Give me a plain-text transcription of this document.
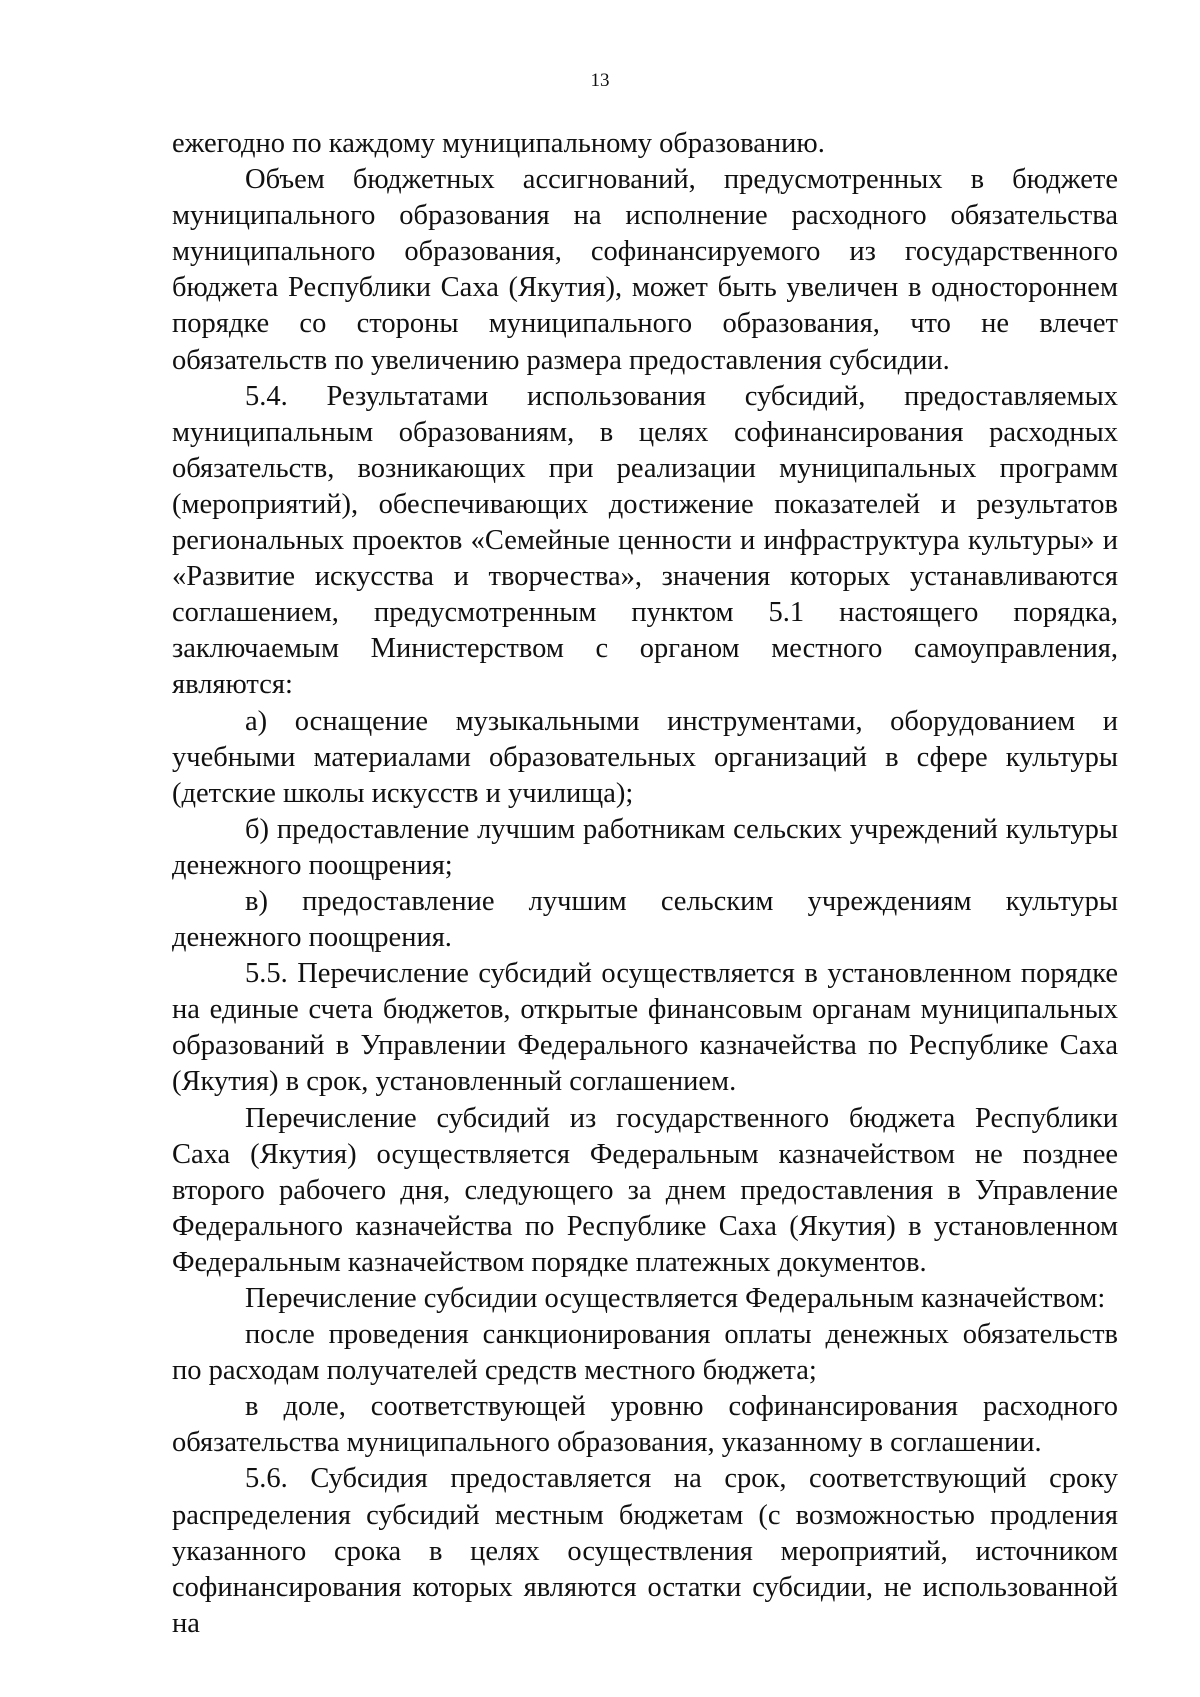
13

ежегодно по каждому муниципальному образованию.

Объем бюджетных ассигнований, предусмотренных в бюджете муниципального образования на исполнение расходного обязательства муниципального образования, софинансируемого из государственного бюджета Республики Саха (Якутия), может быть увеличен в одностороннем порядке со стороны муниципального образования, что не влечет обязательств по увеличению размера предоставления субсидии.

5.4. Результатами использования субсидий, предоставляемых муниципальным образованиям, в целях софинансирования расходных обязательств, возникающих при реализации муниципальных программ (мероприятий), обеспечивающих достижение показателей и результатов региональных проектов «Семейные ценности и инфраструктура культуры» и «Развитие искусства и творчества», значения которых устанавливаются соглашением, предусмотренным пунктом 5.1 настоящего порядка, заключаемым Министерством с органом местного самоуправления, являются:

а) оснащение музыкальными инструментами, оборудованием и учебными материалами образовательных организаций в сфере культуры (детские школы искусств и училища);

б) предоставление лучшим работникам сельских учреждений культуры денежного поощрения;

в) предоставление лучшим сельским учреждениям культуры денежного поощрения.

5.5. Перечисление субсидий осуществляется в установленном порядке на единые счета бюджетов, открытые финансовым органам муниципальных образований в Управлении Федерального казначейства по Республике Саха (Якутия) в срок, установленный соглашением.

Перечисление субсидий из государственного бюджета Республики Саха (Якутия) осуществляется Федеральным казначейством не позднее второго рабочего дня, следующего за днем предоставления в Управление Федерального казначейства по Республике Саха (Якутия) в установленном Федеральным казначейством порядке платежных документов.

Перечисление субсидии осуществляется Федеральным казначейством:

после проведения санкционирования оплаты денежных обязательств по расходам получателей средств местного бюджета;

в доле, соответствующей уровню софинансирования расходного обязательства муниципального образования, указанному в соглашении.

5.6. Субсидия предоставляется на срок, соответствующий сроку распределения субсидий местным бюджетам (с возможностью продления указанного срока в целях осуществления мероприятий, источником софинансирования которых являются остатки субсидии, не использованной на
